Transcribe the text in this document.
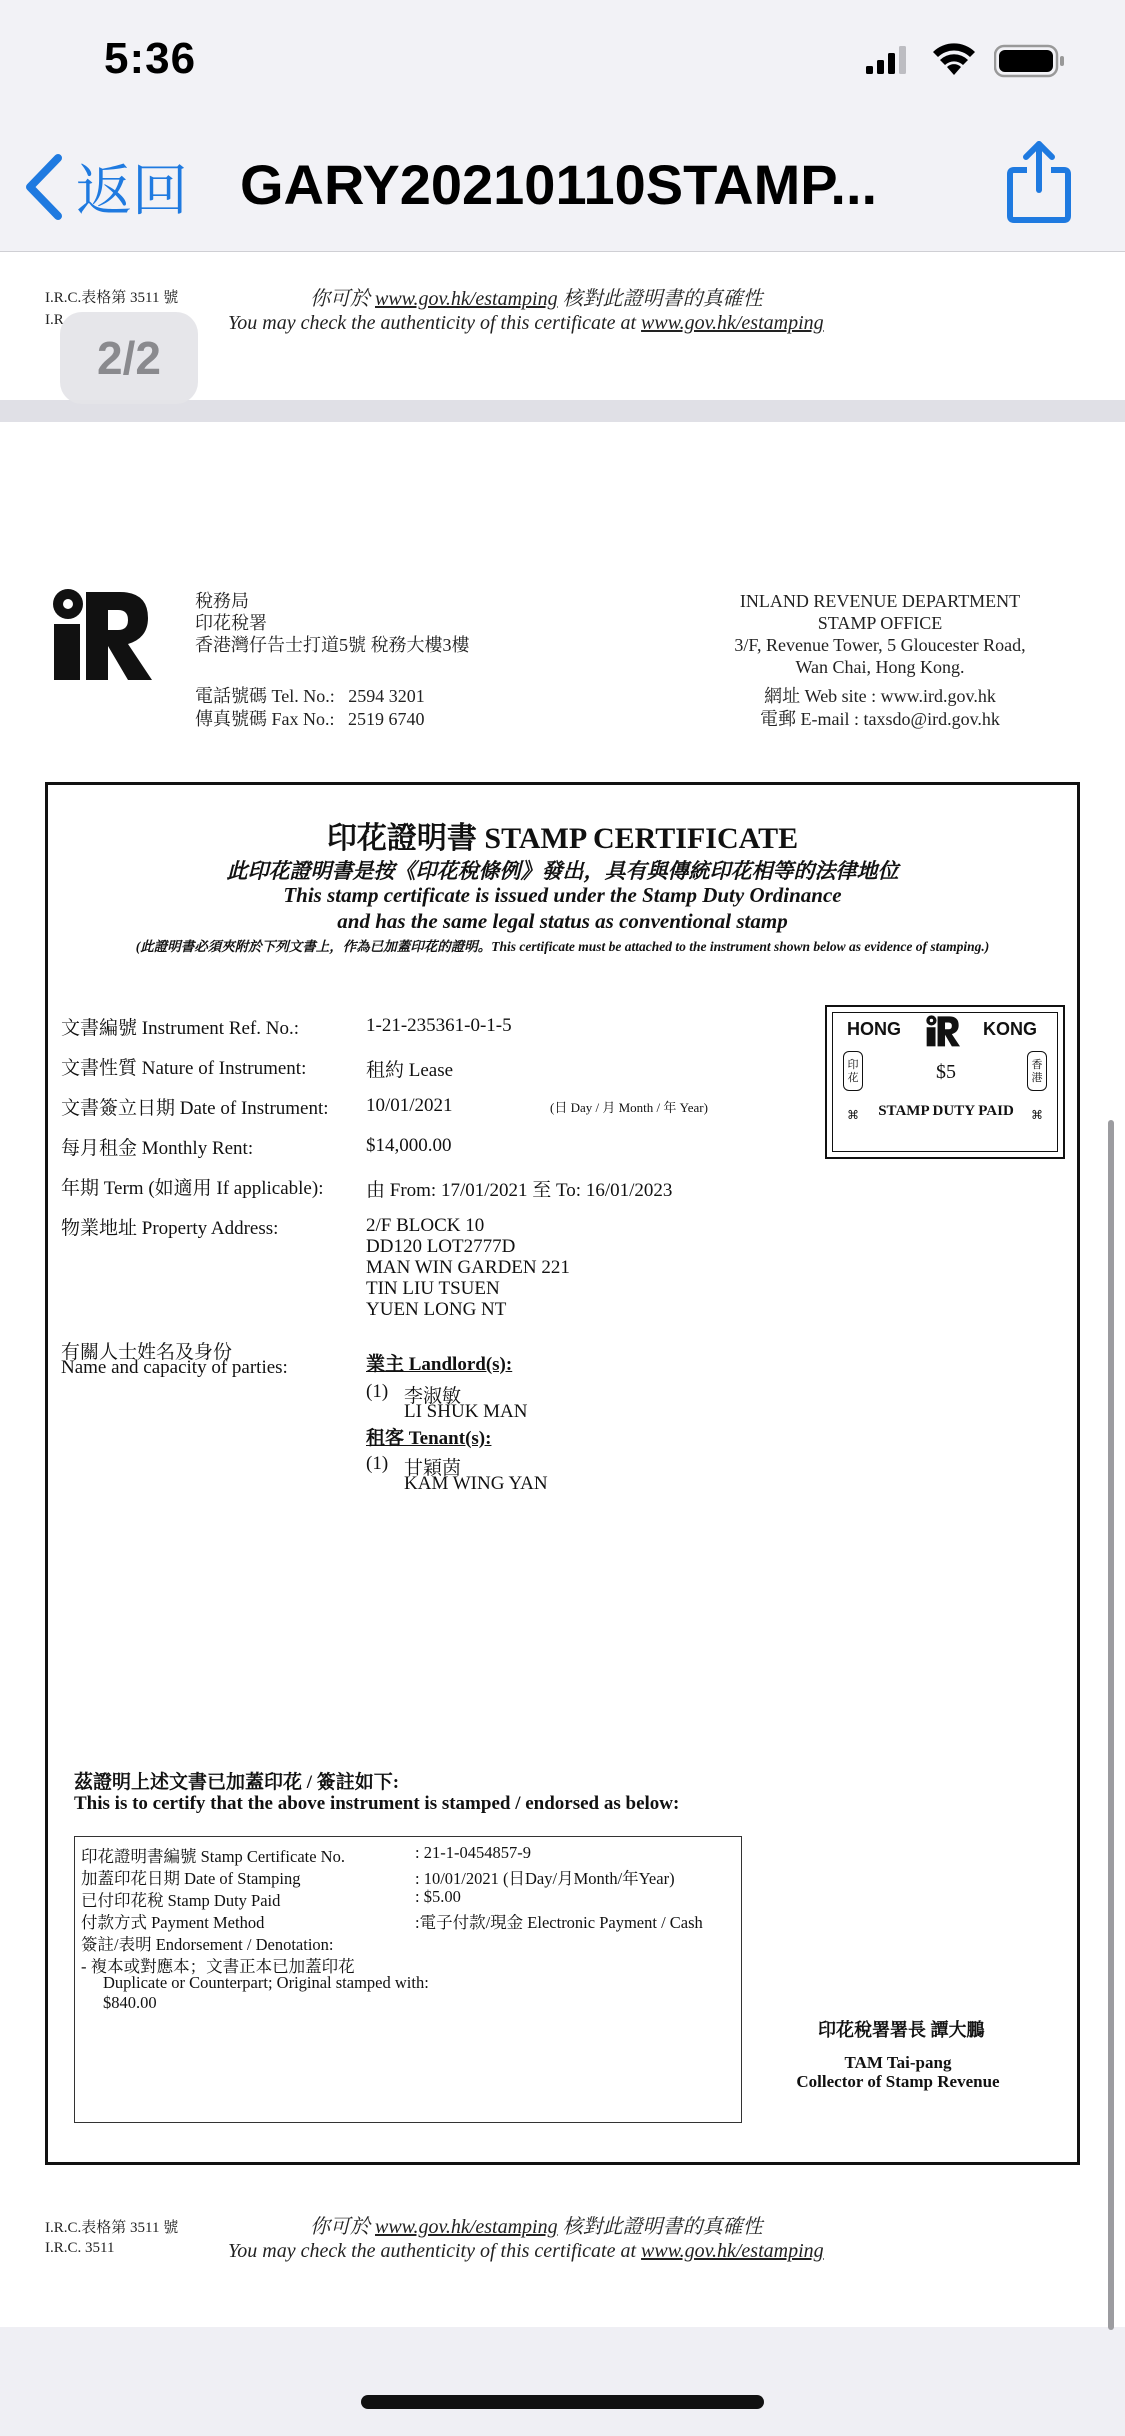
5:36
返回 GARY20210110STAMP...
I.R.C.表格第 3511 號
I.R
你可於 www.gov.hk/estamping 核對此證明書的真確性
You may check the authenticity of this certificate at www.gov.hk/estamping
2/2
稅務局
印花稅署
香港灣仔告士打道5號 稅務大樓3樓
電話號碼 Tel. No.: 2594 3201
傳真號碼 Fax No.: 2519 6740
INLAND REVENUE DEPARTMENT
STAMP OFFICE
3/F, Revenue Tower, 5 Gloucester Road,
Wan Chai, Hong Kong.
網址 Web site : www.ird.gov.hk
電郵 E-mail : taxsdo@ird.gov.hk
印花證明書 STAMP CERTIFICATE
此印花證明書是按《印花稅條例》發出，具有與傳統印花相等的法律地位
This stamp certificate is issued under the Stamp Duty Ordinance
and has the same legal status as conventional stamp
(此證明書必須夾附於下列文書上，作為已加蓋印花的證明。This certificate must be attached to the instrument shown below as evidence of stamping.)
文書編號 Instrument Ref. No.:	1-21-235361-0-1-5
文書性質 Nature of Instrument:	租約 Lease
文書簽立日期 Date of Instrument: 10/01/2021	(日 Day / 月 Month / 年 Year)
每月租金 Monthly Rent:	$14,000.00
年期 Term (如適用 If applicable): 由 From: 17/01/2021 至 To: 16/01/2023
物業地址 Property Address:	2/F BLOCK 10
DD120 LOT2777D
MAN WIN GARDEN 221
TIN LIU TSUEN
YUEN LONG NT
有關人士姓名及身份
Name and capacity of parties:	業主 Landlord(s):
(1) 李淑敏
LI SHUK MAN
租客 Tenant(s):
(1) 甘穎茵
KAM WING YAN
HONG	KONG
$5
STAMP DUTY PAID
印花
香港
⌘	⌘
茲證明上述文書已加蓋印花 / 簽註如下:
This is to certify that the above instrument is stamped / endorsed as below:
印花證明書編號 Stamp Certificate No.	: 21-1-0454857-9
加蓋印花日期 Date of Stamping	: 10/01/2021 (日Day/月Month/年Year)
已付印花稅 Stamp Duty Paid	: $5.00
付款方式 Payment Method	:電子付款/現金 Electronic Payment / Cash
簽註/表明 Endorsement / Denotation:
- 複本或對應本；文書正本已加蓋印花
Duplicate or Counterpart; Original stamped with:
$840.00
印花稅署署長 譚大鵬
TAM Tai-pang
Collector of Stamp Revenue
I.R.C.表格第 3511 號
I.R.C. 3511
你可於 www.gov.hk/estamping 核對此證明書的真確性
You may check the authenticity of this certificate at www.gov.hk/estamping
